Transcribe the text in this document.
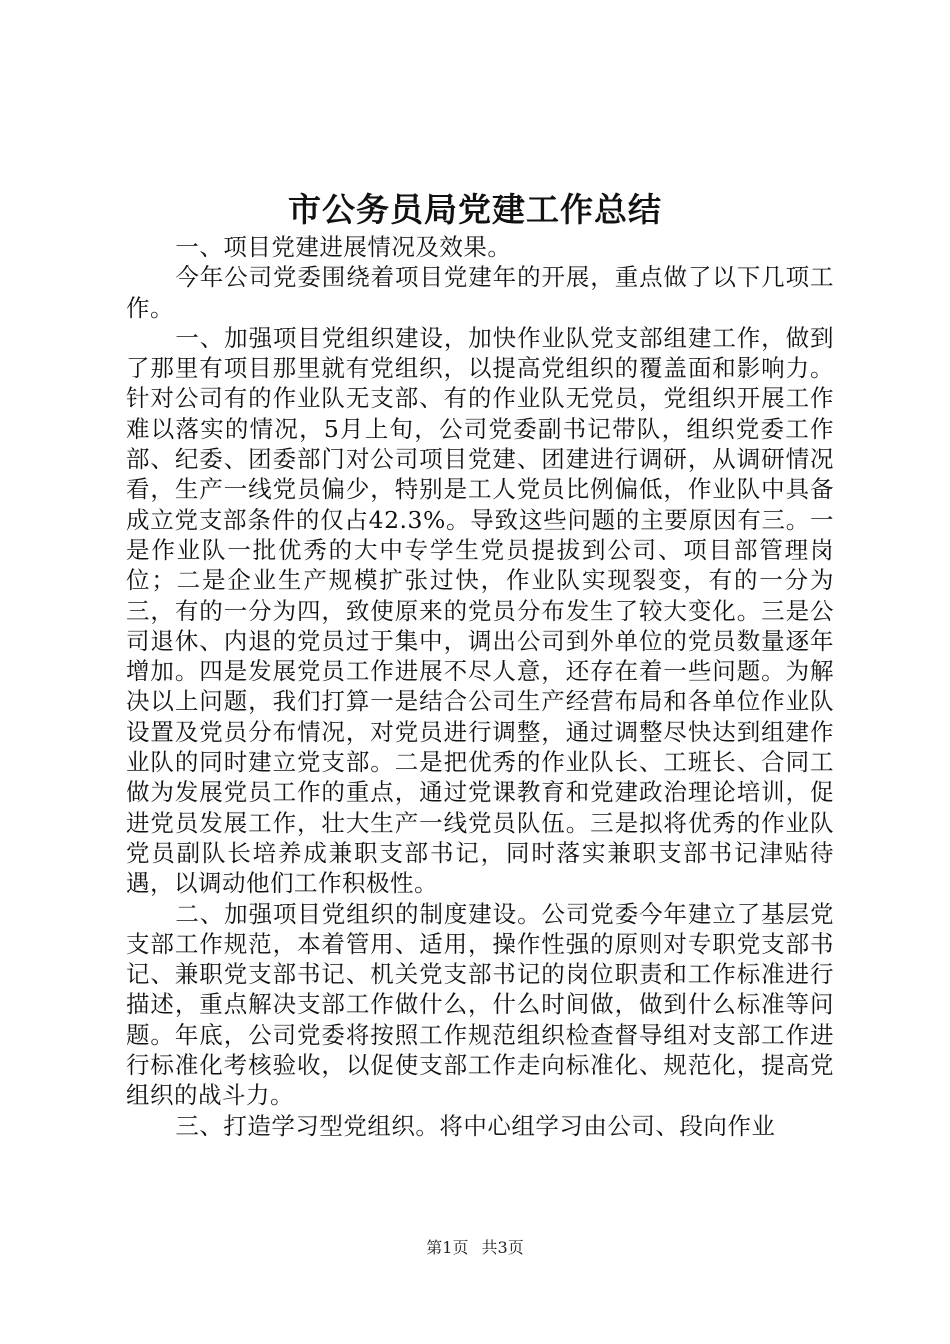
市公务员局党建工作总结

一、项目党建进展情况及效果。

今年公司党委围绕着项目党建年的开展，重点做了以下几项工作。

一、加强项目党组织建设，加快作业队党支部组建工作，做到了那里有项目那里就有党组织，以提高党组织的覆盖面和影响力。针对公司有的作业队无支部、有的作业队无党员，党组织开展工作难以落实的情况，5月上旬，公司党委副书记带队，组织党委工作部、纪委、团委部门对公司项目党建、团建进行调研，从调研情况看，生产一线党员偏少，特别是工人党员比例偏低，作业队中具备成立党支部条件的仅占42.3%。导致这些问题的主要原因有三。一是作业队一批优秀的大中专学生党员提拔到公司、项目部管理岗位；二是企业生产规模扩张过快，作业队实现裂变，有的一分为三，有的一分为四，致使原来的党员分布发生了较大变化。三是公司退休、内退的党员过于集中，调出公司到外单位的党员数量逐年增加。四是发展党员工作进展不尽人意，还存在着一些问题。为解决以上问题，我们打算一是结合公司生产经营布局和各单位作业队设置及党员分布情况，对党员进行调整，通过调整尽快达到组建作业队的同时建立党支部。二是把优秀的作业队长、工班长、合同工做为发展党员工作的重点，通过党课教育和党建政治理论培训，促进党员发展工作，壮大生产一线党员队伍。三是拟将优秀的作业队党员副队长培养成兼职支部书记，同时落实兼职支部书记津贴待遇，以调动他们工作积极性。

二、加强项目党组织的制度建设。公司党委今年建立了基层党支部工作规范，本着管用、适用，操作性强的原则对专职党支部书记、兼职党支部书记、机关党支部书记的岗位职责和工作标准进行描述，重点解决支部工作做什么，什么时间做，做到什么标准等问题。年底，公司党委将按照工作规范组织检查督导组对支部工作进行标准化考核验收，以促使支部工作走向标准化、规范化，提高党组织的战斗力。

三、打造学习型党组织。将中心组学习由公司、段向作业

第1页 共3页
